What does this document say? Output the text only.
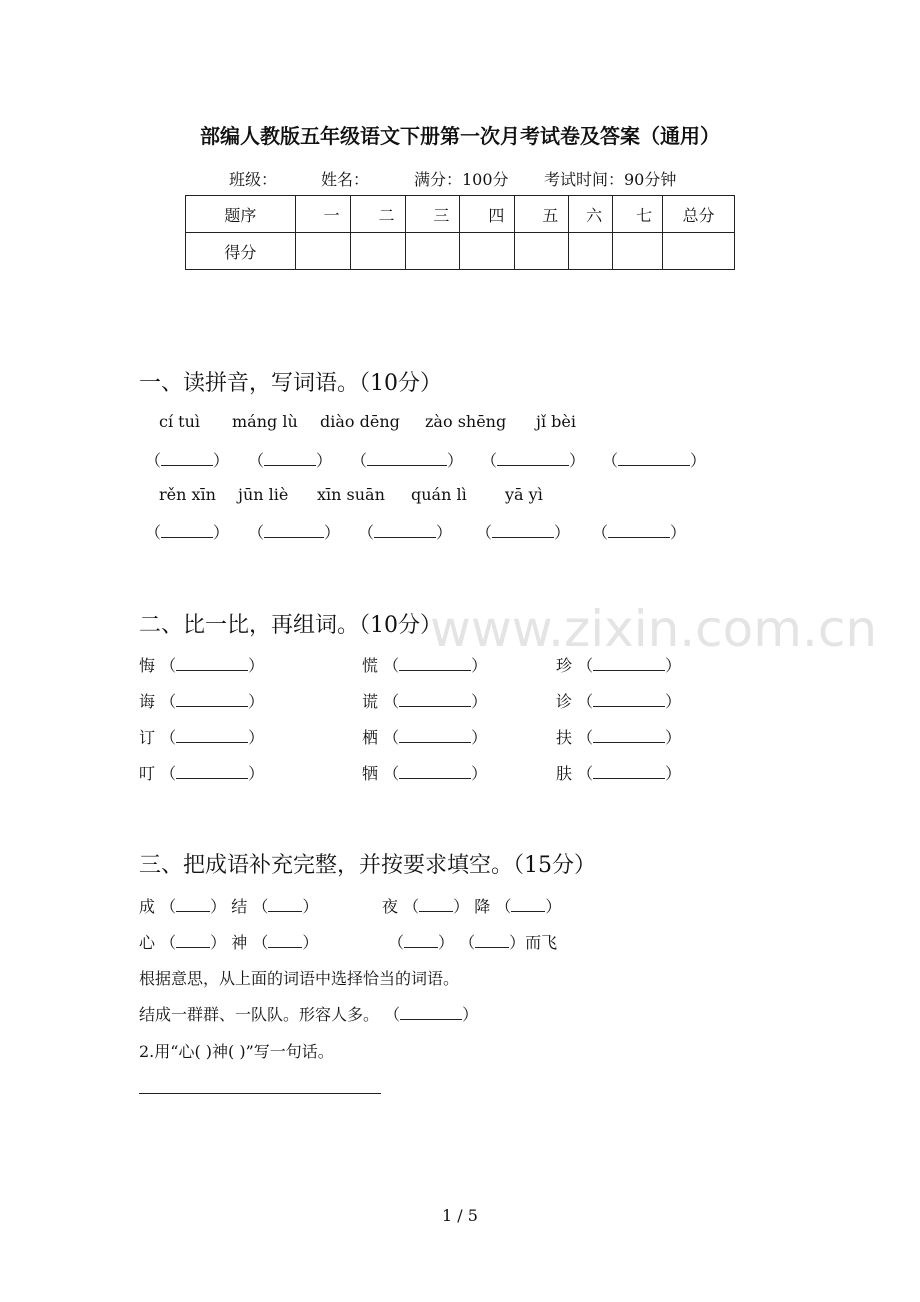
部编人教版五年级语文下册第一次月考试卷及答案（通用）
班级：	姓名：	满分：100分 考试时间：90分钟
题序	一	二	三	四	五	六	七	总分
得分								
一、读拼音，写词语。（10分）
cí tuì máng lù diào dēng zào shēng jǐ bèi
（	） （	） （	） （	） （	）
rěn xīn jūn liè xīn suān quán lì yā yì
（	） （	） （	） （	） （	）
www.zixin.com.cn
二、比一比，再组词。（10分）
悔 （	）	慌 （	）	珍 （	）
诲 （	）	谎 （	）	诊 （	）
订 （	）	栖 （	）	扶 （	）
叮 （	）	牺 （	）	肤 （	）
三、把成语补充完整，并按要求填空。（15分）
成 （ ） 结 （ ）	夜 （ ） 降 （ ）
心 （ ） 神 （ ）	（ ） （ ）而飞
根据意思，从上面的词语中选择恰当的词语。
结成一群群、一队队。形容人多。 （	）
2.用“心( )神( )”写一句话。
1 / 5
